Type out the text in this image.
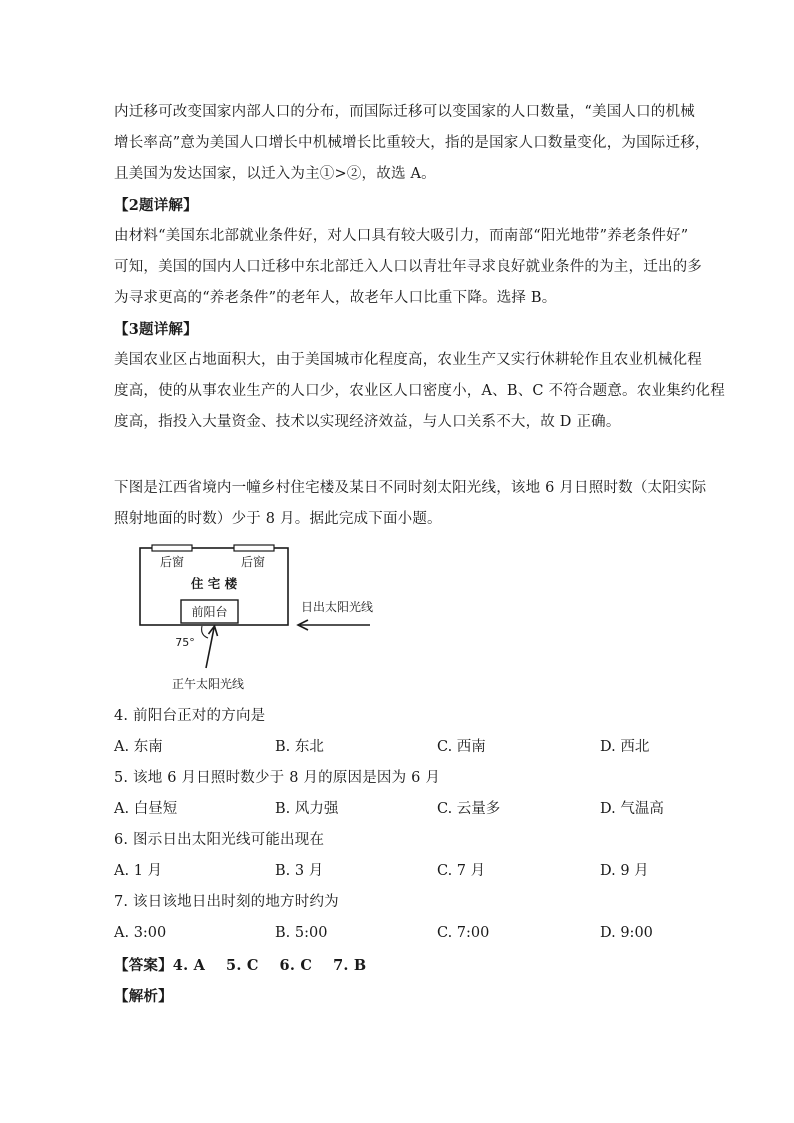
内迁移可改变国家内部人口的分布，而国际迁移可以变国家的人口数量，“美国人口的机械
增长率高”意为美国人口增长中机械增长比重较大，指的是国家人口数量变化，为国际迁移，
且美国为发达国家，以迁入为主①>②，故选 A。
【2题详解】
由材料“美国东北部就业条件好，对人口具有较大吸引力，而南部“阳光地带”养老条件好”
可知，美国的国内人口迁移中东北部迁入人口以青壮年寻求良好就业条件的为主，迁出的多
为寻求更高的“养老条件”的老年人，故老年人口比重下降。选择 B。
【3题详解】
美国农业区占地面积大，由于美国城市化程度高，农业生产又实行休耕轮作且农业机械化程
度高，使的从事农业生产的人口少，农业区人口密度小，A、B、C 不符合题意。农业集约化程
度高，指投入大量资金、技术以实现经济效益，与人口关系不大，故 D 正确。
下图是江西省境内一幢乡村住宅楼及某日不同时刻太阳光线，该地 6 月日照时数（太阳实际
照射地面的时数）少于 8 月。据此完成下面小题。
后窗	后窗
住 宅 楼
前阳台	日出太阳光线
75°
正午太阳光线
4. 前阳台正对的方向是
A. 东南	B. 东北	C. 西南	D. 西北
5. 该地 6 月日照时数少于 8 月的原因是因为 6 月
A. 白昼短	B. 风力强	C. 云量多	D. 气温高
6. 图示日出太阳光线可能出现在
A. 1 月	B. 3 月	C. 7 月	D. 9 月
7. 该日该地日出时刻的地方时约为
A. 3:00	B. 5:00	C. 7:00	D. 9:00
【答案】4. A    5. C    6. C    7. B
【解析】
